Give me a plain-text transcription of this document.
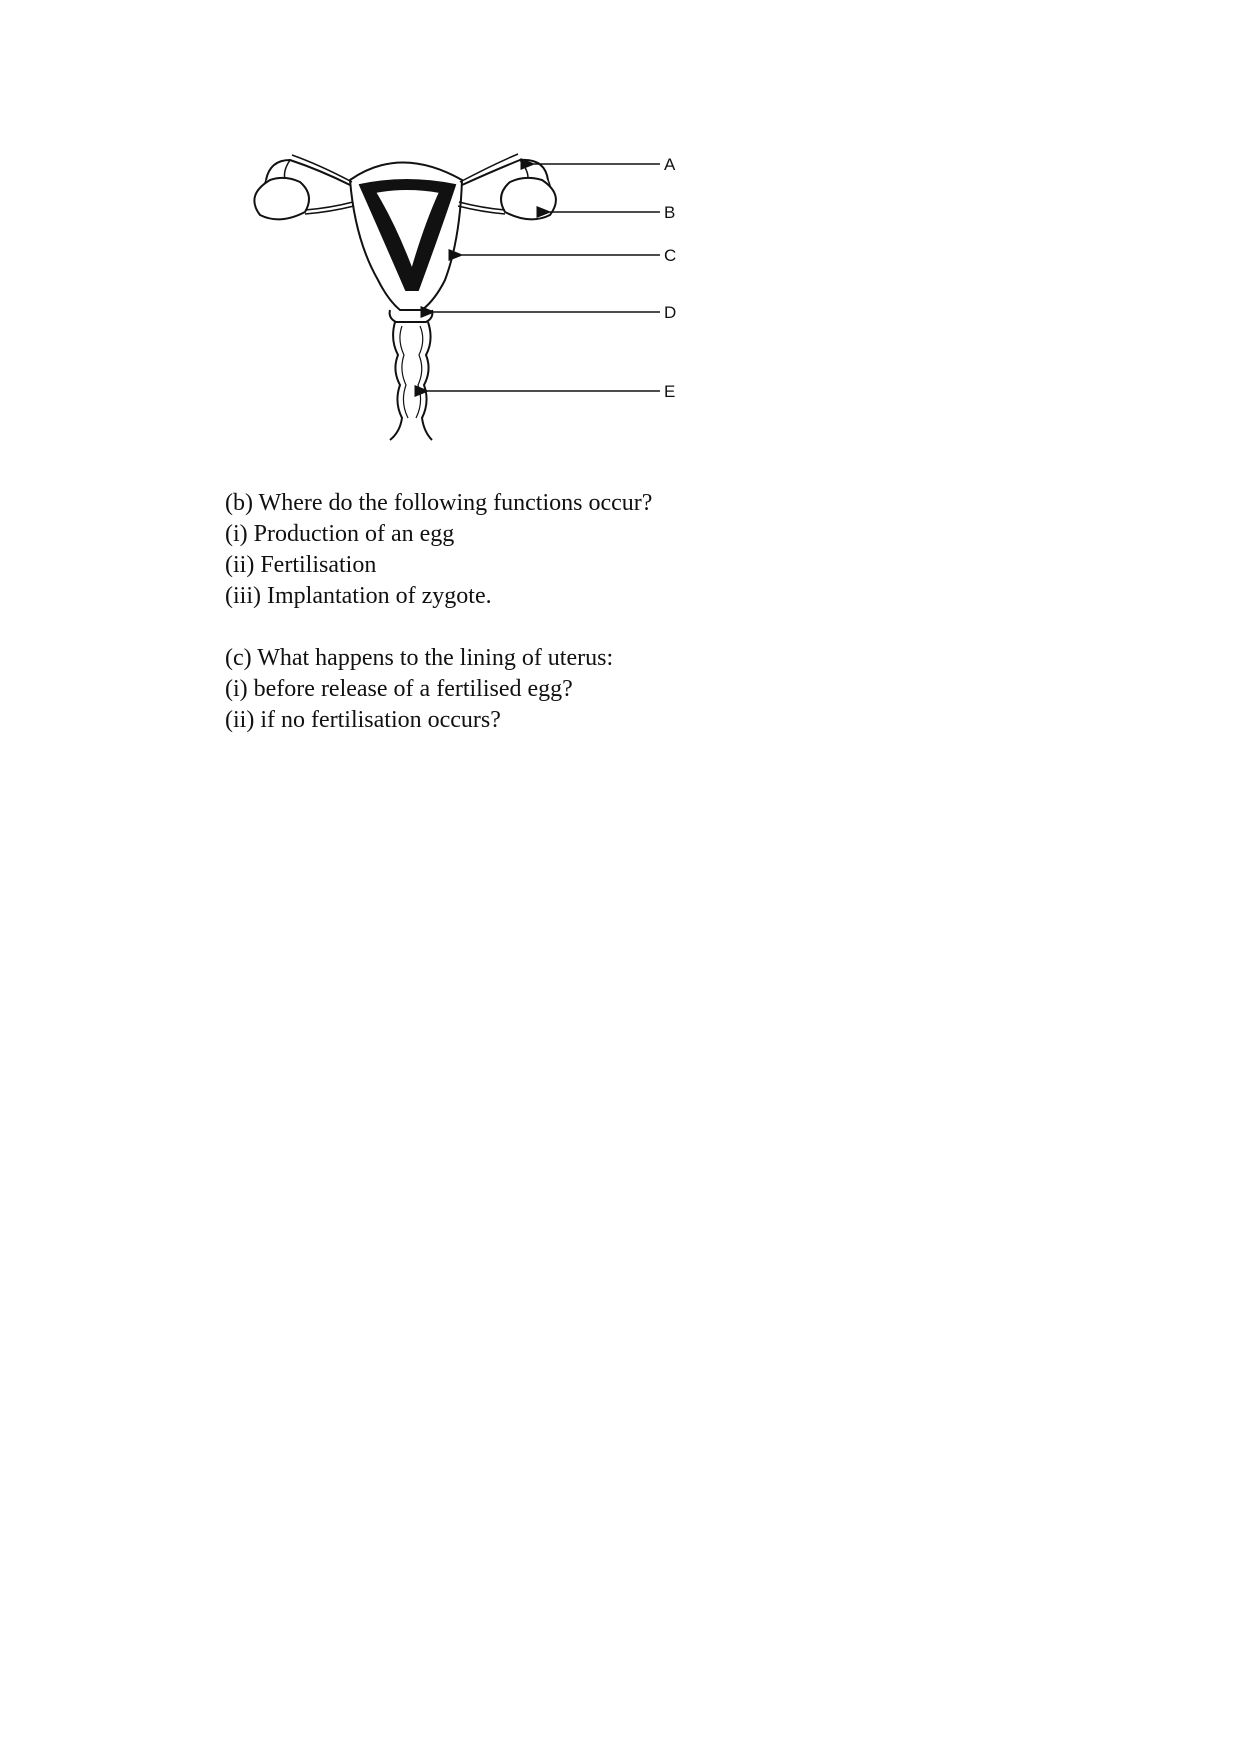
A
B
C
D
E
(b) Where do the following functions occur?
(i) Production of an egg
(ii) Fertilisation
(iii) Implantation of zygote.
(c) What happens to the lining of uterus:
(i) before release of a fertilised egg?
(ii) if no fertilisation occurs?
